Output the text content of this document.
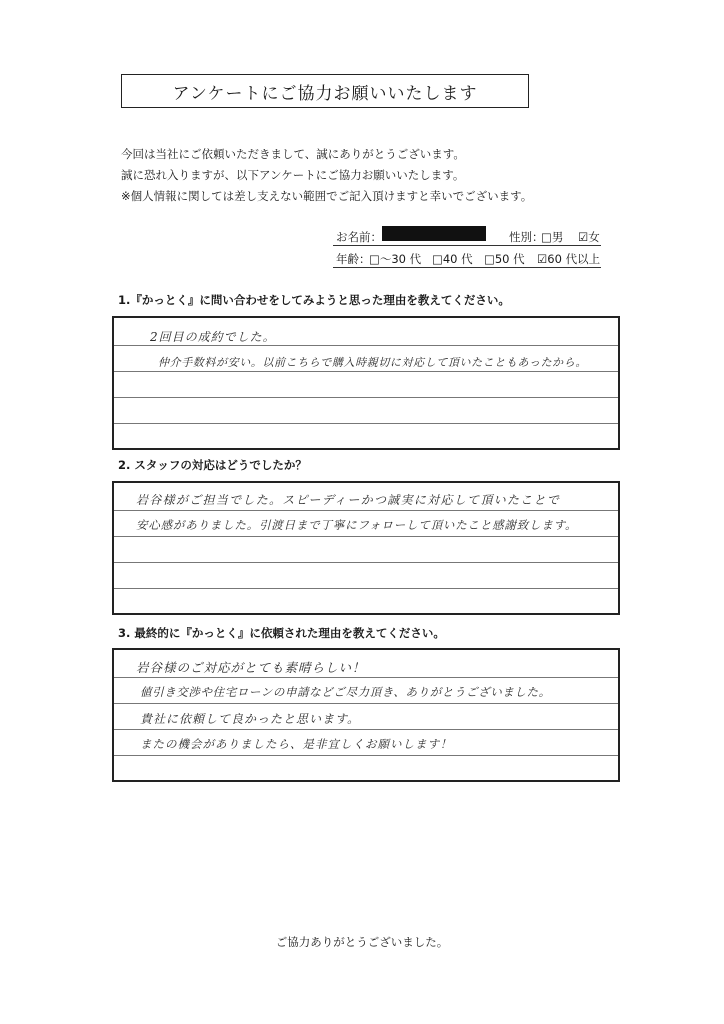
アンケートにご協力お願いいたします
今回は当社にご依頼いただきまして、誠にありがとうございます。
誠に恐れ入りますが、以下アンケートにご協力お願いいたします。
※個人情報に関しては差し支えない範囲でご記入頂けますと幸いでございます。
お名前：	性別：
□男 ☑女
年齢：
□～30 代 □40 代 □50 代 ☑60 代以上
1.『かっとく』に問い合わせをしてみようと思った理由を教えてください。
2回目の成約でした。
仲介手数料が安い。以前こちらで購入時親切に対応して頂いたこともあったから。
2. スタッフの対応はどうでしたか？
岩谷様がご担当でした。スピーディーかつ誠実に対応して頂いたことで
安心感がありました。引渡日まで丁寧にフォローして頂いたこと感謝致します。
3. 最終的に『かっとく』に依頼された理由を教えてください。
岩谷様のご対応がとても素晴らしい！
値引き交渉や住宅ローンの申請などご尽力頂き、ありがとうございました。
貴社に依頼して良かったと思います。
またの機会がありましたら、是非宜しくお願いします！
ご協力ありがとうございました。
